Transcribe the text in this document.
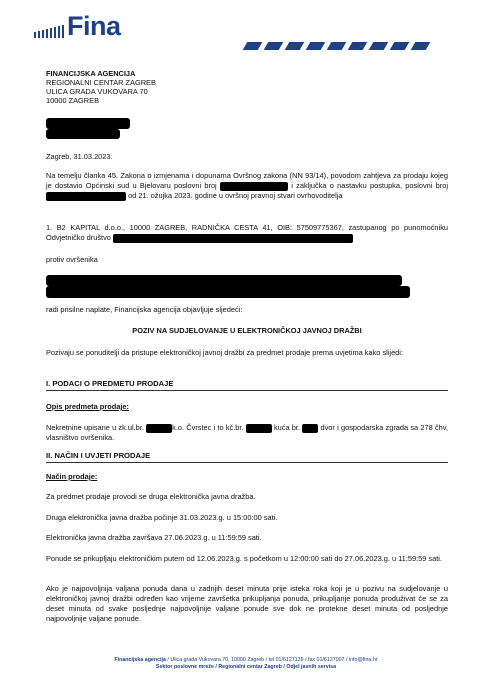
Fina
FINANCIJSKA AGENCIJA
REGIONALNI CENTAR ZAGREB
ULICA GRADA VUKOVARA 70
10000 ZAGREB
Zagreb, 31.03.2023.
Na temelju članka 45. Zakona o izmjenama i dopunama Ovršnog zakona (NN 93/14), povodom zahtjeva za prodaju kojeg je dostavio Općinski sud u Bjelovaru poslovni broj	i zaključka o nastavku postupka, poslovni broj  od 21. ožujka 2023. godine u ovršnoj pravnoj stvari ovrhovoditelja
1. B2 KAPITAL d.o.o., 10000 ZAGREB, RADNIČKA CESTA 41, OIB: 57509775367, zastupanog po punomoćniku Odvjetničko društvo
protiv ovršenika
radi prisilne naplate, Financijska agencija objavljuje sljedeći:
POZIV NA SUDJELOVANJE U ELEKTRONIČKOJ JAVNOJ DRAŽBI
Pozivaju se ponuditelji da pristupe elektroničkoj javnoj dražbi za predmet prodaje prema uvjetima kako slijedi:
I. PODACI O PREDMETU PRODAJE
Opis predmeta prodaje:
Nekretnine upisane u zk.ul.br.	k.o. Čvrstec i to kč.br.	kuća br.	dvor i gospodarska zgrada sa 278 čhv, vlasništvo ovršenika.
II. NAČIN I UVJETI PRODAJE
Način prodaje:
Za predmet prodaje provodi se druga elektronička javna dražba.
Druga elektronička javna dražba počinje 31.03.2023.g. u 15:00:00 sati.
Elektronička javna dražba završava 27.06.2023.g. u 11:59:59 sati.
Ponude se prikupljaju elektroničkim putem od 12.06.2023.g. s početkom u 12:00:00 sati do 27.06.2023.g. u 11:59:59 sati.
Ako je najpovoljnija valjana ponuda dana u zadnjih deset minuta prije isteka roka koji je u pozivu na sudjelovanje u elektroničkoj javnoj dražbi određen kao vrijeme završetka prikupljanja ponuda, prikupljanje ponuda produživat će se za deset minuta od svake posljednje najpovoljnije valjane ponude sve dok ne protekne deset minuta od posljednje najpovoljnije valjane ponude.
Financijska agencija / Ulica grada Vukovara 70, 10000 Zagreb / tel 01/6127139 / fax 01/6127007 / info@fina.hr
Sektor poslovne mreže / Regionalni centar Zagreb / Odjel javnih servisa
